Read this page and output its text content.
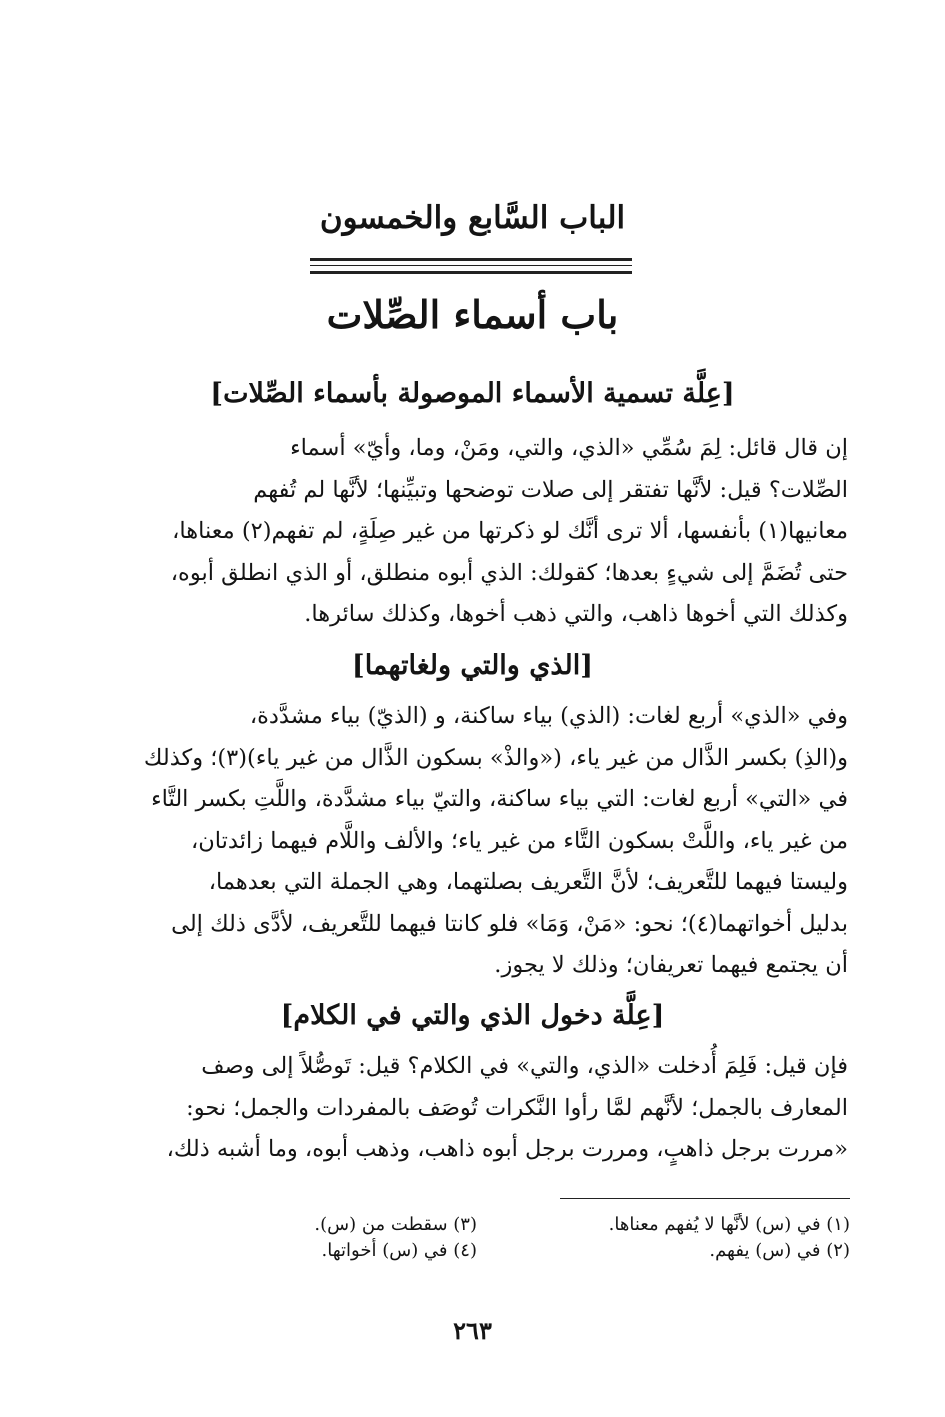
الباب السَّابع والخمسون
باب أسماء الصِّلات
[عِلَّة تسمية الأسماء الموصولة بأسماء الصِّلات]
إن قال قائل: لِمَ سُمِّي «الذي، والتي، ومَنْ، وما، وأيّ» أسماء
الصِّلات؟ قيل: لأنَّها تفتقر إلى صلات توضحها وتبيِّنها؛ لأنَّها لم تُفهم
معانيها(١) بأنفسها، ألا ترى أنَّك لو ذكرتها من غير صِلَةٍ، لم تفهم(٢) معناها،
حتى تُضَمَّ إلى شيءٍ بعدها؛ كقولك: الذي أبوه منطلق، أو الذي انطلق أبوه،
وكذلك التي أخوها ذاهب، والتي ذهب أخوها، وكذلك سائرها.
[الذي والتي ولغاتهما]
وفي «الذي» أربع لغات: (الذي) بياء ساكنة، و (الذيّ) بياء مشدَّدة،
و(الذِ) بكسر الذَّال من غير ياء، («والذْ» بسكون الذَّال من غير ياء)(٣)؛ وكذلك
في «التي» أربع لغات: التي بياء ساكنة، والتيّ بياء مشدَّدة، واللَّتِ بكسر التَّاء
من غير ياء، واللَّتْ بسكون التَّاء من غير ياء؛ والألف واللَّام فيهما زائدتان،
وليستا فيهما للتَّعريف؛ لأنَّ التَّعريف بصلتهما، وهي الجملة التي بعدهما،
بدليل أخواتهما(٤)؛ نحو: «مَنْ، وَمَا» فلو كانتا فيهما للتَّعريف، لأدَّى ذلك إلى
أن يجتمع فيهما تعريفان؛ وذلك لا يجوز.
[عِلَّة دخول الذي والتي في الكلام]
فإن قيل: فَلِمَ أُدخلت «الذي، والتي» في الكلام؟ قيل: تَوصُّلاً إلى وصف
المعارف بالجمل؛ لأنَّهم لمَّا رأوا النَّكرات تُوصَف بالمفردات والجمل؛ نحو:
«مررت برجل ذاهبٍ، ومررت برجل أبوه ذاهب، وذهب أبوه، وما أشبه ذلك،
(١) في (س) لأنَّها لا يُفهم معناها.
(٢) في (س) يفهم.
(٣) سقطت من (س).
(٤) في (س) أخواتها.
٢٦٣
